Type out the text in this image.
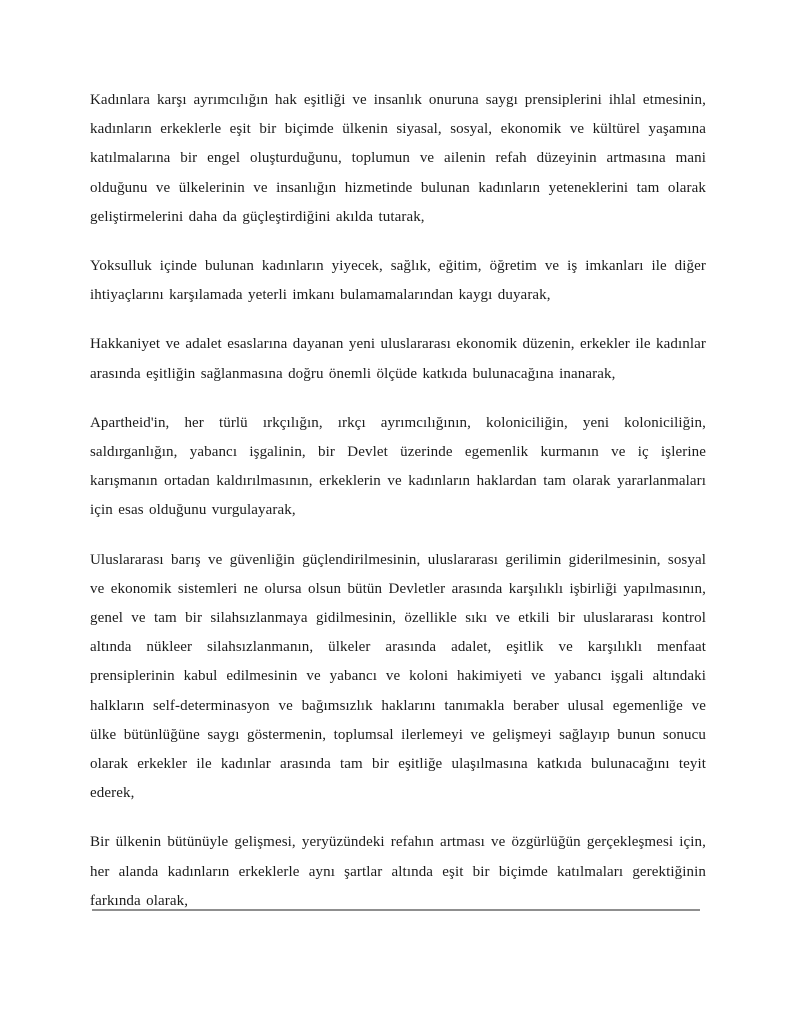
Kadınlara karşı ayrımcılığın hak eşitliği ve insanlık onuruna saygı prensiplerini ihlal etmesinin, kadınların erkeklerle eşit bir biçimde ülkenin siyasal, sosyal, ekonomik ve kültürel yaşamına katılmalarına bir engel oluşturduğunu, toplumun ve ailenin refah düzeyinin artmasına mani olduğunu ve ülkelerinin ve insanlığın hizmetinde bulunan kadınların yeteneklerini tam olarak geliştirmelerini daha da güçleştirdiğini akılda tutarak,

Yoksulluk içinde bulunan kadınların yiyecek, sağlık, eğitim, öğretim ve iş imkanları ile diğer ihtiyaçlarını karşılamada yeterli imkanı bulamamalarından kaygı duyarak,

Hakkaniyet ve adalet esaslarına dayanan yeni uluslararası ekonomik düzenin, erkekler ile kadınlar arasında eşitliğin sağlanmasına doğru önemli ölçüde katkıda bulunacağına inanarak,

Apartheid'in, her türlü ırkçılığın, ırkçı ayrımcılığının, koloniciliğin, yeni koloniciliğin, saldırganlığın, yabancı işgalinin, bir Devlet üzerinde egemenlik kurmanın ve iç işlerine karışmanın ortadan kaldırılmasının, erkeklerin ve kadınların haklardan tam olarak yararlanmaları için esas olduğunu vurgulayarak,

Uluslararası barış ve güvenliğin güçlendirilmesinin, uluslararası gerilimin giderilmesinin, sosyal ve ekonomik sistemleri ne olursa olsun bütün Devletler arasında karşılıklı işbirliği yapılmasının, genel ve tam bir silahsızlanmaya gidilmesinin, özellikle sıkı ve etkili bir uluslararası kontrol altında nükleer silahsızlanmanın, ülkeler arasında adalet, eşitlik ve karşılıklı menfaat prensiplerinin kabul edilmesinin ve yabancı ve koloni hakimiyeti ve yabancı işgali altındaki halkların self-determinasyon ve bağımsızlık haklarını tanımakla beraber ulusal egemenliğe ve ülke bütünlüğüne saygı göstermenin, toplumsal ilerlemeyi ve gelişmeyi sağlayıp bunun sonucu olarak erkekler ile kadınlar arasında tam bir eşitliğe ulaşılmasına katkıda bulunacağını teyit ederek,

Bir ülkenin bütünüyle gelişmesi, yeryüzündeki refahın artması ve özgürlüğün gerçekleşmesi için, her alanda kadınların erkeklerle aynı şartlar altında eşit bir biçimde katılmaları gerektiğinin farkında olarak,
